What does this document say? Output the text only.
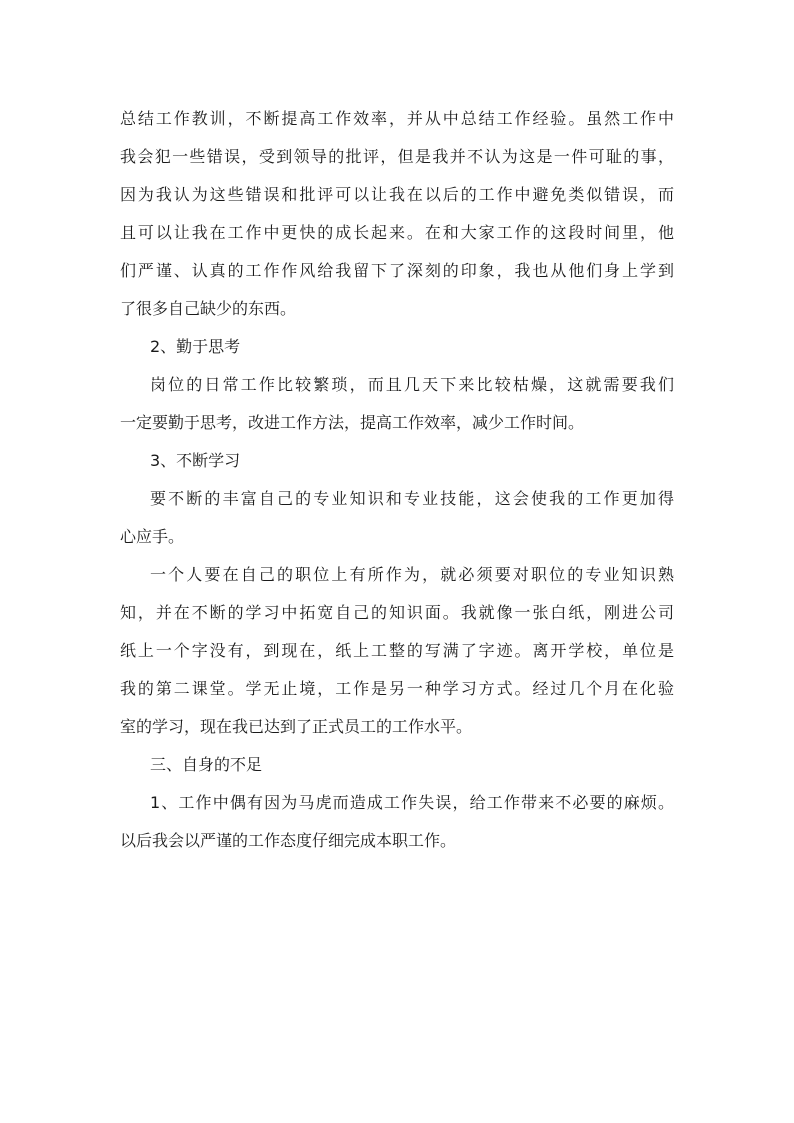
总结工作教训，不断提高工作效率，并从中总结工作经验。虽然工作中
我会犯一些错误，受到领导的批评，但是我并不认为这是一件可耻的事，
因为我认为这些错误和批评可以让我在以后的工作中避免类似错误，而
且可以让我在工作中更快的成长起来。在和大家工作的这段时间里，他
们严谨、认真的工作作风给我留下了深刻的印象，我也从他们身上学到
了很多自己缺少的东西。
2、勤于思考
岗位的日常工作比较繁琐，而且几天下来比较枯燥，这就需要我们
一定要勤于思考，改进工作方法，提高工作效率，减少工作时间。
3、不断学习
要不断的丰富自己的专业知识和专业技能，这会使我的工作更加得
心应手。
一个人要在自己的职位上有所作为，就必须要对职位的专业知识熟
知，并在不断的学习中拓宽自己的知识面。我就像一张白纸，刚进公司
纸上一个字没有，到现在，纸上工整的写满了字迹。离开学校，单位是
我的第二课堂。学无止境，工作是另一种学习方式。经过几个月在化验
室的学习，现在我已达到了正式员工的工作水平。
三、自身的不足
1、工作中偶有因为马虎而造成工作失误，给工作带来不必要的麻烦。
以后我会以严谨的工作态度仔细完成本职工作。
